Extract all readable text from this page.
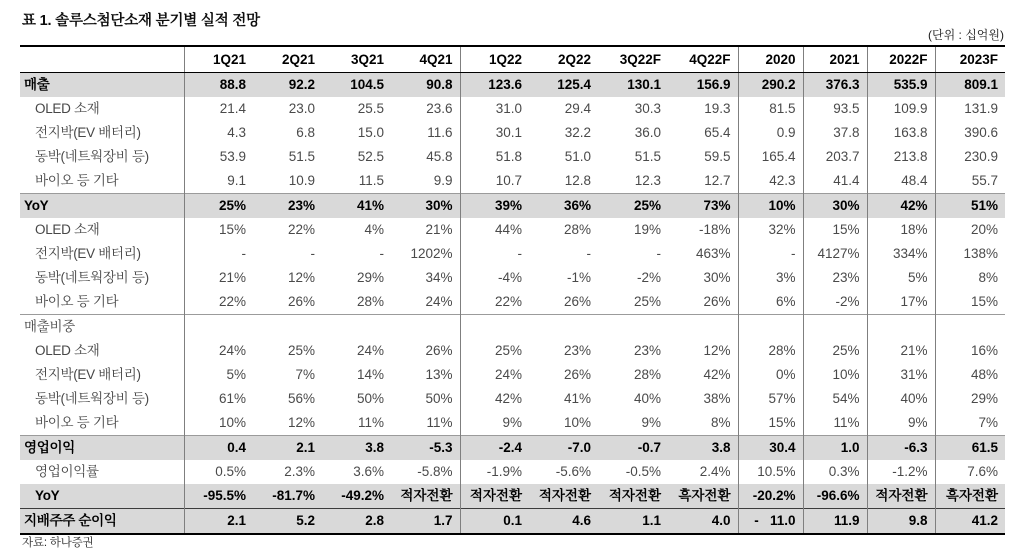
표 1. 솔루스첨단소재 분기별 실적 전망
(단위 : 십억원)
	1Q21	2Q21	3Q21	4Q21	1Q22	2Q22	3Q22F	4Q22F	2020	2021	2022F	2023F
매출	88.8	92.2	104.5	90.8	123.6	125.4	130.1	156.9	290.2	376.3	535.9	809.1
OLED 소재	21.4	23.0	25.5	23.6	31.0	29.4	30.3	19.3	81.5	93.5	109.9	131.9
전지박(EV 배터리)	4.3	6.8	15.0	11.6	30.1	32.2	36.0	65.4	0.9	37.8	163.8	390.6
동박(네트웍장비 등)	53.9	51.5	52.5	45.8	51.8	51.0	51.5	59.5	165.4	203.7	213.8	230.9
바이오 등 기타	9.1	10.9	11.5	9.9	10.7	12.8	12.3	12.7	42.3	41.4	48.4	55.7
YoY	25%	23%	41%	30%	39%	36%	25%	73%	10%	30%	42%	51%
OLED 소재	15%	22%	4%	21%	44%	28%	19%	-18%	32%	15%	18%	20%
전지박(EV 배터리)	-	-	-	1202%	-	-	-	463%	-	4127%	334%	138%
동박(네트웍장비 등)	21%	12%	29%	34%	-4%	-1%	-2%	30%	3%	23%	5%	8%
바이오 등 기타	22%	26%	28%	24%	22%	26%	25%	26%	6%	-2%	17%	15%
매출비중												
OLED 소재	24%	25%	24%	26%	25%	23%	23%	12%	28%	25%	21%	16%
전지박(EV 배터리)	5%	7%	14%	13%	24%	26%	28%	42%	0%	10%	31%	48%
동박(네트웍장비 등)	61%	56%	50%	50%	42%	41%	40%	38%	57%	54%	40%	29%
바이오 등 기타	10%	12%	11%	11%	9%	10%	9%	8%	15%	11%	9%	7%
영업이익	0.4	2.1	3.8	-5.3	-2.4	-7.0	-0.7	3.8	30.4	1.0	-6.3	61.5
영업이익률	0.5%	2.3%	3.6%	-5.8%	-1.9%	-5.6%	-0.5%	2.4%	10.5%	0.3%	-1.2%	7.6%
YoY	-95.5%	-81.7%	-49.2%	적자전환	적자전환	적자전환	적자전환	흑자전환	-20.2%	-96.6%	적자전환	흑자전환
지배주주 순이익	2.1	5.2	2.8	1.7	0.1	4.6	1.1	4.0	-   11.0	11.9	9.8	41.2
자료: 하나증권
